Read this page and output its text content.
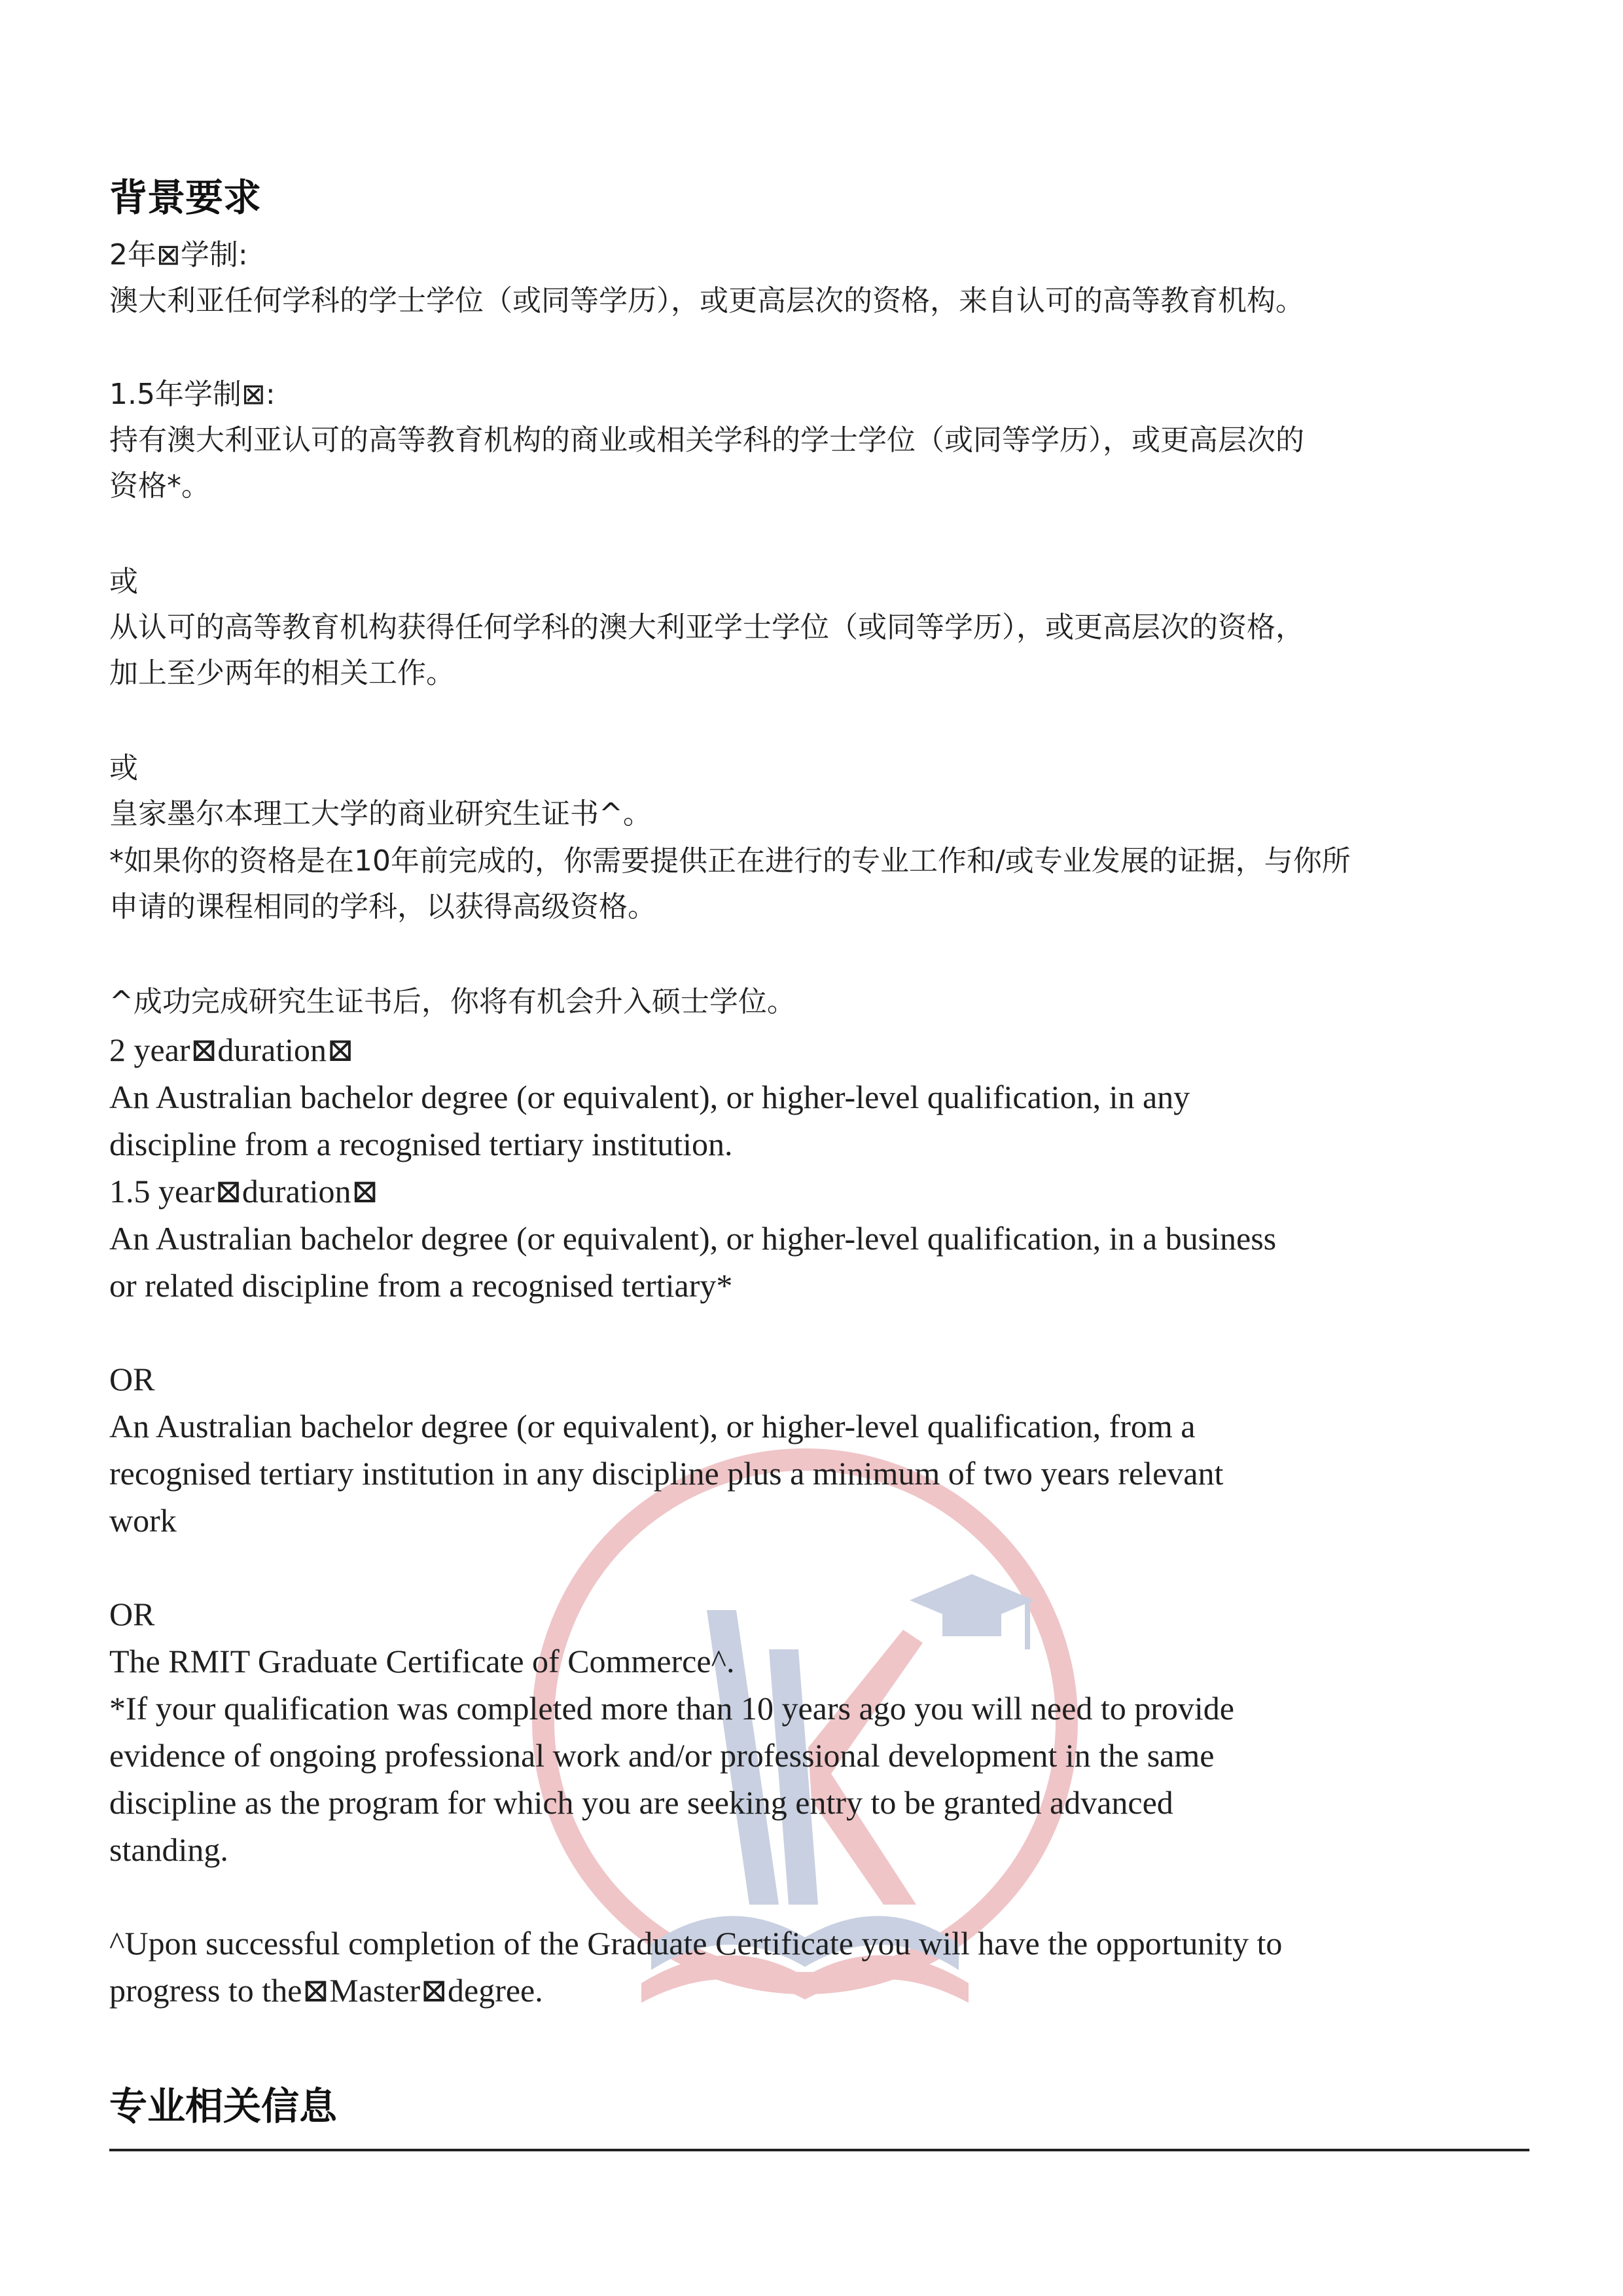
背景要求
2年⊠学制:
澳大利亚任何学科的学士学位（或同等学历），或更高层次的资格，来自认可的高等教育机构。
1.5年学制⊠:
持有澳大利亚认可的高等教育机构的商业或相关学科的学士学位（或同等学历），或更高层次的
资格*。
或
从认可的高等教育机构获得任何学科的澳大利亚学士学位（或同等学历），或更高层次的资格，
加上至少两年的相关工作。
或
皇家墨尔本理工大学的商业研究生证书^。
*如果你的资格是在10年前完成的，你需要提供正在进行的专业工作和/或专业发展的证据，与你所
申请的课程相同的学科，以获得高级资格。
^成功完成研究生证书后，你将有机会升入硕士学位。
2 year⊠duration⊠
An Australian bachelor degree (or equivalent), or higher-level qualification, in any
discipline from a recognised tertiary institution.
1.5 year⊠duration⊠
An Australian bachelor degree (or equivalent), or higher-level qualification, in a business
or related discipline from a recognised tertiary*
OR
An Australian bachelor degree (or equivalent), or higher-level qualification, from a
recognised tertiary institution in any discipline plus a minimum of two years relevant
work
OR
The RMIT Graduate Certificate of Commerce^.
*If your qualification was completed more than 10 years ago you will need to provide
evidence of ongoing professional work and/or professional development in the same
discipline as the program for which you are seeking entry to be granted advanced
standing.
^Upon successful completion of the Graduate Certificate you will have the opportunity to
progress to the⊠Master⊠degree.
专业相关信息
